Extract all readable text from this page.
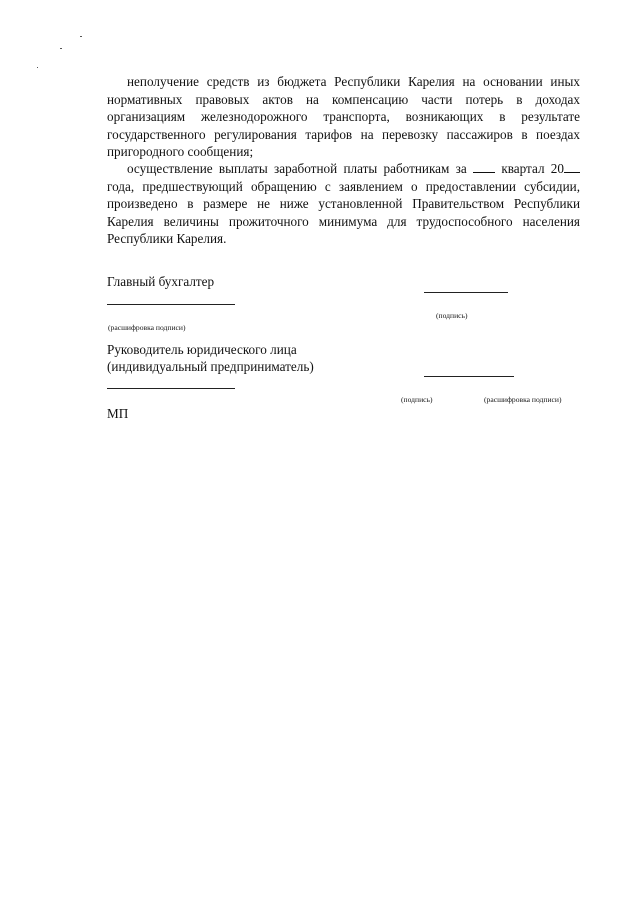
неполучение средств из бюджета Республики Карелия на основании иных нормативных правовых актов на компенсацию части потерь в доходах организациям железнодорожного транспорта, возникающих в результате государственного регулирования тарифов на перевозку пассажиров в поездах пригородного сообщения;

осуществление выплаты заработной платы работникам за	квартал 20года, предшествующий обращению с заявлением о предоставлении субсидии, произведено в размере не ниже установленной Правительством Республики Карелия величины прожиточного минимума для трудоспособного населения Республики Карелия.

Главный бухгалтер
(подпись)
(расшифровка подписи)
Руководитель юридического лица
(индивидуальный предприниматель)
(подпись)	(расшифровка подписи)
МП
